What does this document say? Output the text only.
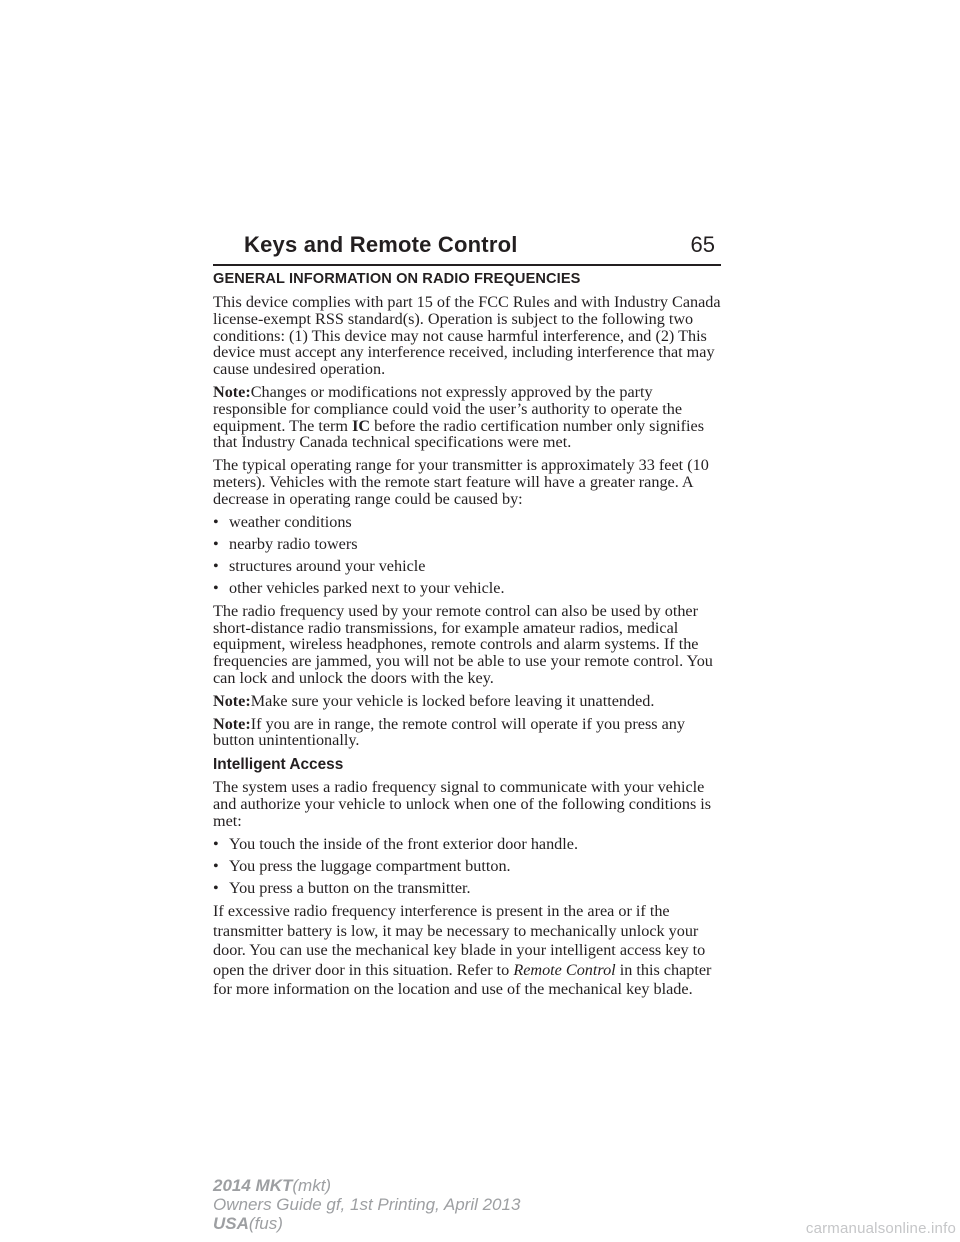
Keys and Remote Control	65
GENERAL INFORMATION ON RADIO FREQUENCIES

This device complies with part 15 of the FCC Rules and with Industry Canada license-exempt RSS standard(s). Operation is subject to the following two conditions: (1) This device may not cause harmful interference, and (2) This device must accept any interference received, including interference that may cause undesired operation.

Note:Changes or modifications not expressly approved by the party responsible for compliance could void the user’s authority to operate the equipment. The term IC before the radio certification number only signifies that Industry Canada technical specifications were met.

The typical operating range for your transmitter is approximately 33 feet (10 meters). Vehicles with the remote start feature will have a greater range. A decrease in operating range could be caused by:

• weather conditions
• nearby radio towers
• structures around your vehicle
• other vehicles parked next to your vehicle.

The radio frequency used by your remote control can also be used by other short-distance radio transmissions, for example amateur radios, medical equipment, wireless headphones, remote controls and alarm systems. If the frequencies are jammed, you will not be able to use your remote control. You can lock and unlock the doors with the key.

Note:Make sure your vehicle is locked before leaving it unattended.

Note:If you are in range, the remote control will operate if you press any button unintentionally.

Intelligent Access

The system uses a radio frequency signal to communicate with your vehicle and authorize your vehicle to unlock when one of the following conditions is met:

• You touch the inside of the front exterior door handle.
• You press the luggage compartment button.
• You press a button on the transmitter.

If excessive radio frequency interference is present in the area or if the transmitter battery is low, it may be necessary to mechanically unlock your door. You can use the mechanical key blade in your intelligent access key to open the driver door in this situation. Refer to Remote Control in this chapter for more information on the location and use of the mechanical key blade.

2014 MKT(mkt)
Owners Guide gf, 1st Printing, April 2013
USA(fus)	carmanualsonline.info
